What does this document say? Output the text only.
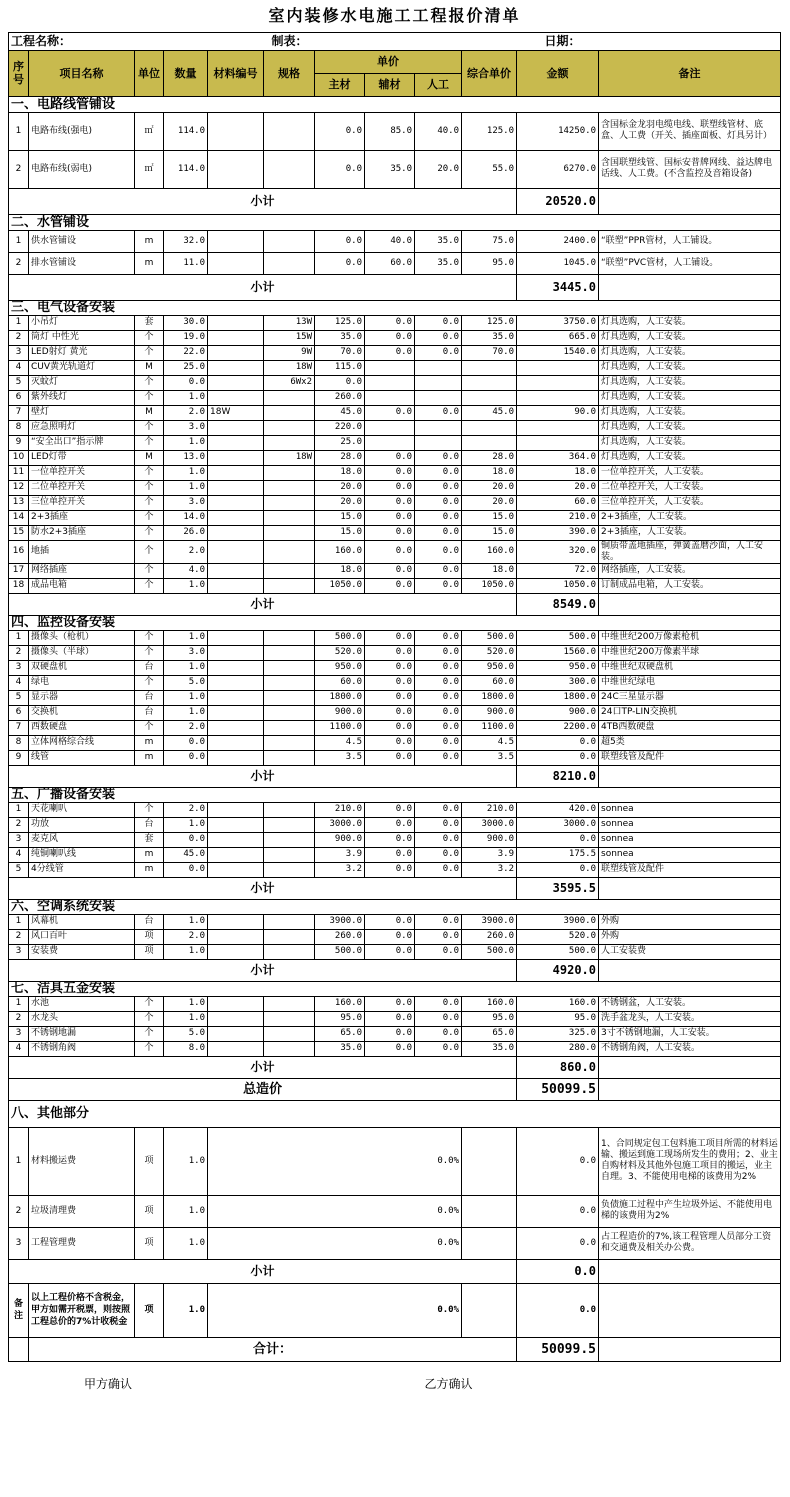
室内装修水电施工工程报价清单											
工程名称：					制表：					日期：	
序号	项目名称	单位	数量	材料编号	规格	单价			综合单价	金额	备注
						主材	辅材	人工			
一、电路线管铺设											
1	电路布线(强电)	㎡	114.0			0.0	85.0	40.0	125.0	14250.0	含国标金龙羽电缆电线、联塑线管材、底盒、人工费（开关、插座面板、灯具另计）
2	电路布线(弱电)	㎡	114.0			0.0	35.0	20.0	55.0	6270.0	含国联塑线管、国标安普牌网线、益达牌电话线、人工费。(不含监控及音箱设备)
小计										20520.0	
二、水管铺设											
1	供水管铺设	m	32.0			0.0	40.0	35.0	75.0	2400.0	“联塑”PPR管材，人工铺设。
2	排水管铺设	m	11.0			0.0	60.0	35.0	95.0	1045.0	“联塑”PVC管材，人工铺设。
小计										3445.0	
三、电气设备安装											
1	小吊灯	套	30.0		13W	125.0	0.0	0.0	125.0	3750.0	灯具选购，人工安装。
2	筒灯 中性光	个	19.0		15W	35.0	0.0	0.0	35.0	665.0	灯具选购，人工安装。
3	LED射灯 黄光	个	22.0		9W	70.0	0.0	0.0	70.0	1540.0	灯具选购，人工安装。
4	CUV黄光轨道灯	M	25.0		18W	115.0					灯具选购，人工安装。
5	灭蚊灯	个	0.0		6Wx2	0.0					灯具选购，人工安装。
6	紫外线灯	个	1.0			260.0					灯具选购，人工安装。
7	壁灯	M	2.0	18W		45.0	0.0	0.0	45.0	90.0	灯具选购，人工安装。
8	应急照明灯	个	3.0			220.0					灯具选购，人工安装。
9	“安全出口”指示牌	个	1.0			25.0					灯具选购，人工安装。
10	LED灯带	M	13.0		18W	28.0	0.0	0.0	28.0	364.0	灯具选购，人工安装。
11	一位单控开关	个	1.0			18.0	0.0	0.0	18.0	18.0	一位单控开关，人工安装。
12	二位单控开关	个	1.0			20.0	0.0	0.0	20.0	20.0	二位单控开关，人工安装。
13	三位单控开关	个	3.0			20.0	0.0	0.0	20.0	60.0	三位单控开关，人工安装。
14	2+3插座	个	14.0			15.0	0.0	0.0	15.0	210.0	2+3插座，人工安装。
15	防水2+3插座	个	26.0			15.0	0.0	0.0	15.0	390.0	2+3插座，人工安装。
16	地插	个	2.0			160.0	0.0	0.0	160.0	320.0	铜质带盖地插座，弹簧盖磨沙面，人工安装。
17	网络插座	个	4.0			18.0	0.0	0.0	18.0	72.0	网络插座，人工安装。
18	成品电箱	个	1.0			1050.0	0.0	0.0	1050.0	1050.0	订制成品电箱，人工安装。
小计										8549.0	
四、监控设备安装											
1	摄像头（枪机）	个	1.0			500.0	0.0	0.0	500.0	500.0	中维世纪200万像素枪机
2	摄像头（半球）	个	3.0			520.0	0.0	0.0	520.0	1560.0	中维世纪200万像素半球
3	双硬盘机	台	1.0			950.0	0.0	0.0	950.0	950.0	中维世纪双硬盘机
4	绿电	个	5.0			60.0	0.0	0.0	60.0	300.0	中维世纪绿电
5	显示器	台	1.0			1800.0	0.0	0.0	1800.0	1800.0	24C三星显示器
6	交换机	台	1.0			900.0	0.0	0.0	900.0	900.0	24口TP-LIN交换机
7	西数硬盘	个	2.0			1100.0	0.0	0.0	1100.0	2200.0	4TB西数硬盘
8	立体网格综合线	m	0.0			4.5	0.0	0.0	4.5	0.0	超5类
9	线管	m	0.0			3.5	0.0	0.0	3.5	0.0	联塑线管及配件
小计										8210.0	
五、广播设备安装											
1	天花喇叭	个	2.0			210.0	0.0	0.0	210.0	420.0	sonnea
2	功放	台	1.0			3000.0	0.0	0.0	3000.0	3000.0	sonnea
3	麦克风	套	0.0			900.0	0.0	0.0	900.0	0.0	sonnea
4	纯铜喇叭线	m	45.0			3.9	0.0	0.0	3.9	175.5	sonnea
5	4分线管	m	0.0			3.2	0.0	0.0	3.2	0.0	联塑线管及配件
小计										3595.5	
六、空调系统安装											
1	风幕机	台	1.0			3900.0	0.0	0.0	3900.0	3900.0	外购
2	风口百叶	项	2.0			260.0	0.0	0.0	260.0	520.0	外购
3	安装费	项	1.0			500.0	0.0	0.0	500.0	500.0	人工安装费
小计										4920.0	
七、洁具五金安装											
1	水池	个	1.0			160.0	0.0	0.0	160.0	160.0	不锈钢盆，人工安装。
2	水龙头	个	1.0			95.0	0.0	0.0	95.0	95.0	洗手盆龙头，人工安装。
3	不锈钢地漏	个	5.0			65.0	0.0	0.0	65.0	325.0	3寸不锈钢地漏，人工安装。
4	不锈钢角阀	个	8.0			35.0	0.0	0.0	35.0	280.0	不锈钢角阀，人工安装。
小计										860.0	
总造价										50099.5	
八、其他部分											
1	材料搬运费	项	1.0	0.0%						0.0	1、合同规定包工包料施工项目所需的材料运输、搬运到施工现场所发生的费用；2、业主自购材料及其他外包施工项目的搬运，业主自理。3、不能使用电梯的该费用为2%
2	垃圾清理费	项	1.0	0.0%						0.0	负债施工过程中产生垃圾外运、不能使用电梯的该费用为2%
3	工程管理费	项	1.0	0.0%						0.0	占工程造价的7%,该工程管理人员部分工资和交通费及相关办公费。
小计										0.0	
备注	以上工程价格不含税金，甲方如需开税票，则按照工程总价的7%计收税金	项	1.0	0.0%						0.0	
	合计：									50099.5	
甲方确认								乙方确认			
